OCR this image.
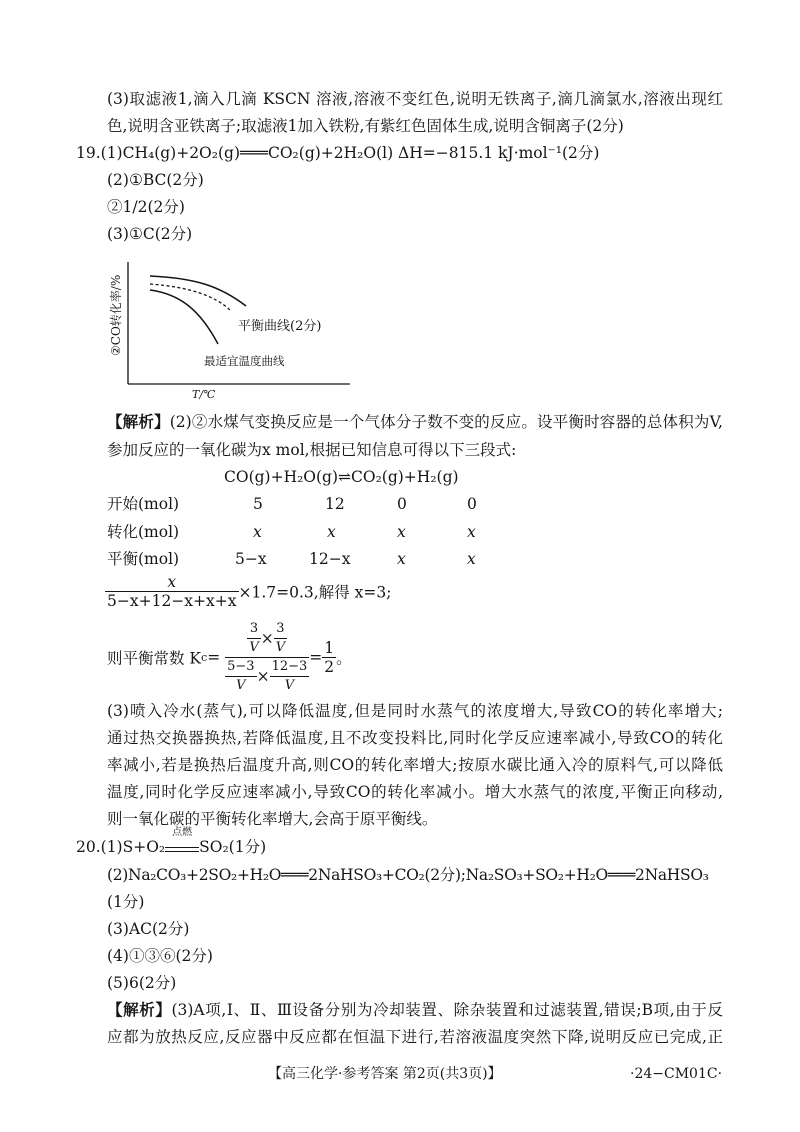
(3)取滤液1,滴入几滴 KSCN 溶液,溶液不变红色,说明无铁离子,滴几滴氯水,溶液出现红
色,说明含亚铁离子;取滤液1加入铁粉,有紫红色固体生成,说明含铜离子(2分)
19.(1)CH₄(g)+2O₂(g)═══CO₂(g)+2H₂O(l) ΔH=−815.1 kJ·mol⁻¹(2分)
(2)①BC(2分)
②1/2(2分)
(3)①C(2分)
②CO转化率/%
T/℃
平衡曲线(2分)
最适宜温度曲线
【解析】(2)②水煤气变换反应是一个气体分子数不变的反应。设平衡时容器的总体积为V,
参加反应的一氧化碳为x mol,根据已知信息可得以下三段式:
CO(g)+H₂O(g)⇌CO₂(g)+H₂(g)
开始(mol)	5	12	0	0
转化(mol)	x	x	x	x
平衡(mol)	5−x	12−x	x	x
$\frac{x}{5-x+12-x+x+x} \times 1.7=0.3$,解得 x=3;
则平衡常数 $Kc= \frac{\frac{3}{V} \times \frac{3}{V}}{\frac{5-3}{V} \times \frac{12-3}{V}} = \frac{1}{2}$ 。
(3)喷入冷水(蒸气),可以降低温度,但是同时水蒸气的浓度增大,导致CO的转化率增大;
通过热交换器换热,若降低温度,且不改变投料比,同时化学反应速率减小,导致CO的转化
率减小,若是换热后温度升高,则CO的转化率增大;按原水碳比通入冷的原料气,可以降低
温度,同时化学反应速率减小,导致CO的转化率减小。增大水蒸气的浓度,平衡正向移动,
则一氧化碳的平衡转化率增大,会高于原平衡线。
20.(1)S+O₂
点燃
SO₂(1分)
(2)Na₂CO₃+2SO₂+H₂O═══2NaHSO₃+CO₂(2分);Na₂SO₃+SO₂+H₂O═══2NaHSO₃
(1分)
(3)AC(2分)
(4)①③⑥(2分)
(5)6(2分)
【解析】(3)A项,Ⅰ、Ⅱ、Ⅲ设备分别为冷却装置、除杂装置和过滤装置,错误;B项,由于反
应都为放热反应,反应器中反应都在恒温下进行,若溶液温度突然下降,说明反应已完成,正
【高三化学·参考答案 第2页(共3页)】	·24−CM01C·
